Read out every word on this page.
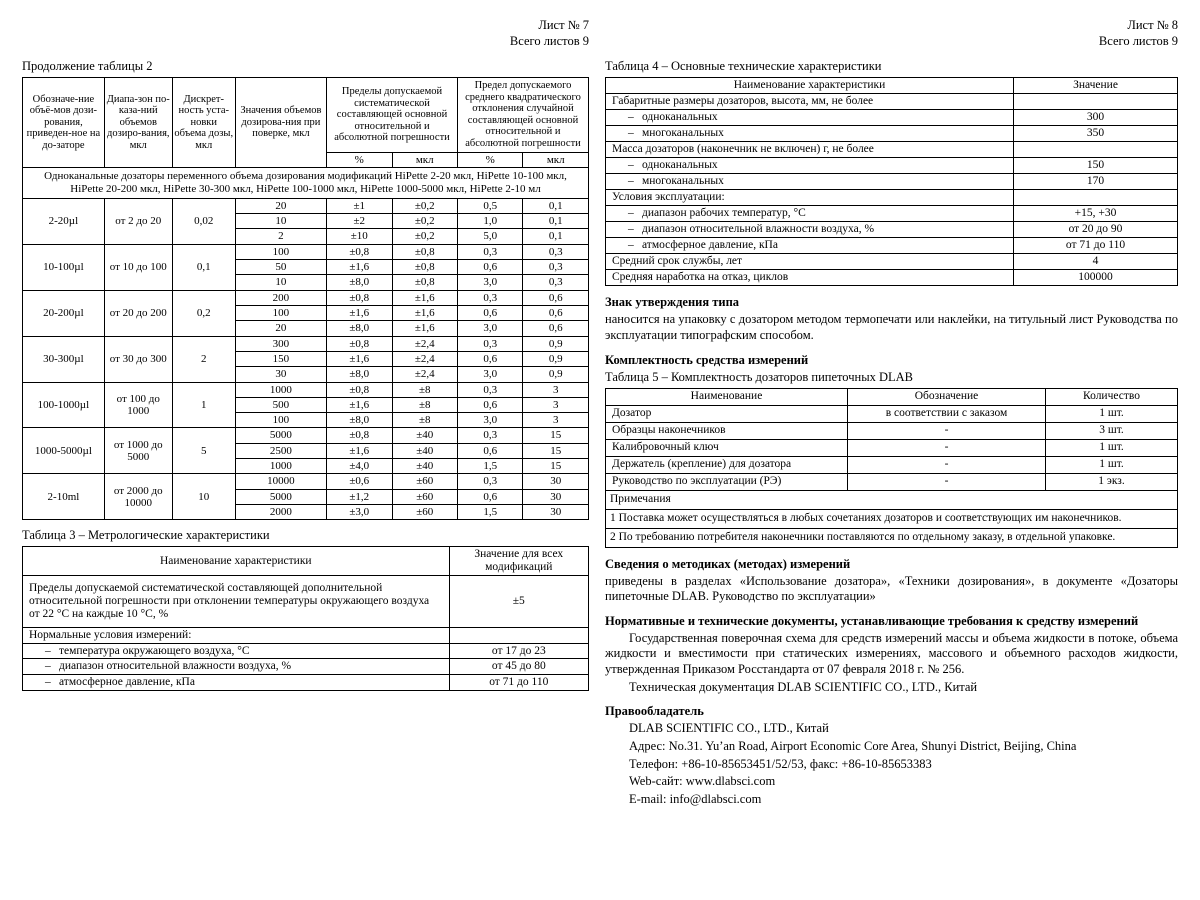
Лист № 7
Всего листов 9
Продолжение таблицы 2
Обозначе-ние объё-мов дози-рования, приведен-ное на до-заторе	Диапа-зон по-каза-ний объемов дозиро-вания, мкл	Дискрет-ность уста-новки объема дозы, мкл	Значения объемов дозирова-ния при поверке, мкл	Пределы допускаемой систематической составляющей основной относительной и абсолютной погрешности		Предел допускаемого среднего квадратического отклонения случайной составляющей основной относительной и абсолютной погрешности	
				%	мкл	%	мкл
Одноканальные дозаторы переменного объема дозирования модификаций HiPette 2-20 мкл, HiPette 10-100 мкл, HiPette 20-200 мкл, HiPette 30-300 мкл, HiPette 100-1000 мкл, HiPette 1000-5000 мкл, HiPette 2-10 мл							
2-20µl	от 2 до 20	0,02	20	±1	±0,2	0,5	0,1
			10	±2	±0,2	1,0	0,1
			2	±10	±0,2	5,0	0,1
10-100µl	от 10 до 100	0,1	100	±0,8	±0,8	0,3	0,3
			50	±1,6	±0,8	0,6	0,3
			10	±8,0	±0,8	3,0	0,3
20-200µl	от 20 до 200	0,2	200	±0,8	±1,6	0,3	0,6
			100	±1,6	±1,6	0,6	0,6
			20	±8,0	±1,6	3,0	0,6
30-300µl	от 30 до 300	2	300	±0,8	±2,4	0,3	0,9
			150	±1,6	±2,4	0,6	0,9
			30	±8,0	±2,4	3,0	0,9
100-1000µl	от 100 до 1000	1	1000	±0,8	±8	0,3	3
			500	±1,6	±8	0,6	3
			100	±8,0	±8	3,0	3
1000-5000µl	от 1000 до 5000	5	5000	±0,8	±40	0,3	15
			2500	±1,6	±40	0,6	15
			1000	±4,0	±40	1,5	15
2-10ml	от 2000 до 10000	10	10000	±0,6	±60	0,3	30
			5000	±1,2	±60	0,6	30
			2000	±3,0	±60	1,5	30
Таблица 3 – Метрологические характеристики
Наименование характеристики	Значение для всех модификаций
Пределы допускаемой систематической составляющей дополнительной относительной погрешности при отклонении температуры окружающего воздуха от 22 °C на каждые 10 °C, %	±5
Нормальные условия измерений:	
– температура окружающего воздуха, °C	от 17 до 23
– диапазон относительной влажности воздуха, %	от 45 до 80
– атмосферное давление, кПа	от 71 до 110
Лист № 8
Всего листов 9
Таблица 4 – Основные технические характеристики
Наименование характеристики	Значение
Габаритные размеры дозаторов, высота, мм, не более	
– одноканальных	300
– многоканальных	350
Масса дозаторов (наконечник не включен) г, не более	
– одноканальных	150
– многоканальных	170
Условия эксплуатации:	
– диапазон рабочих температур, °C	+15, +30
– диапазон относительной влажности воздуха, %	от 20 до 90
– атмосферное давление, кПа	от 71 до 110
Средний срок службы, лет	4
Средняя наработка на отказ, циклов	100000
Знак утверждения типа
наносится на упаковку с дозатором методом термопечати или наклейки, на титульный лист Руководства по эксплуатации типографским способом.
Комплектность средства измерений
Таблица 5 – Комплектность дозаторов пипеточных DLAB
Наименование	Обозначение	Количество
Дозатор	в соответствии с заказом	1 шт.
Образцы наконечников	-	3 шт.
Калибровочный ключ	-	1 шт.
Держатель (крепление) для дозатора	-	1 шт.
Руководство по эксплуатации (РЭ)	-	1 экз.
Примечания		
1 Поставка может осуществляться в любых сочетаниях дозаторов и соответствующих им наконечников.		
2 По требованию потребителя наконечники поставляются по отдельному заказу, в отдельной упаковке.		
Сведения о методиках (методах) измерений
приведены в разделах «Использование дозатора», «Техники дозирования», в документе «Дозаторы пипеточные DLAB. Руководство по эксплуатации»
Нормативные и технические документы, устанавливающие требования к средству измерений
Государственная поверочная схема для средств измерений массы и объема жидкости в потоке, объема жидкости и вместимости при статических измерениях, массового и объемного расходов жидкости, утвержденная Приказом Росстандарта от 07 февраля 2018 г. № 256.
Техническая документация DLAB SCIENTIFIC CO., LTD., Китай
Правообладатель
DLAB SCIENTIFIC CO., LTD., Китай
Адрес: No.31. Yu’an Road, Airport Economic Core Area, Shunyi District, Beijing, China
Телефон: +86-10-85653451/52/53, факс: +86-10-85653383
Web-сайт: www.dlabsci.com
E-mail: info@dlabsci.com
